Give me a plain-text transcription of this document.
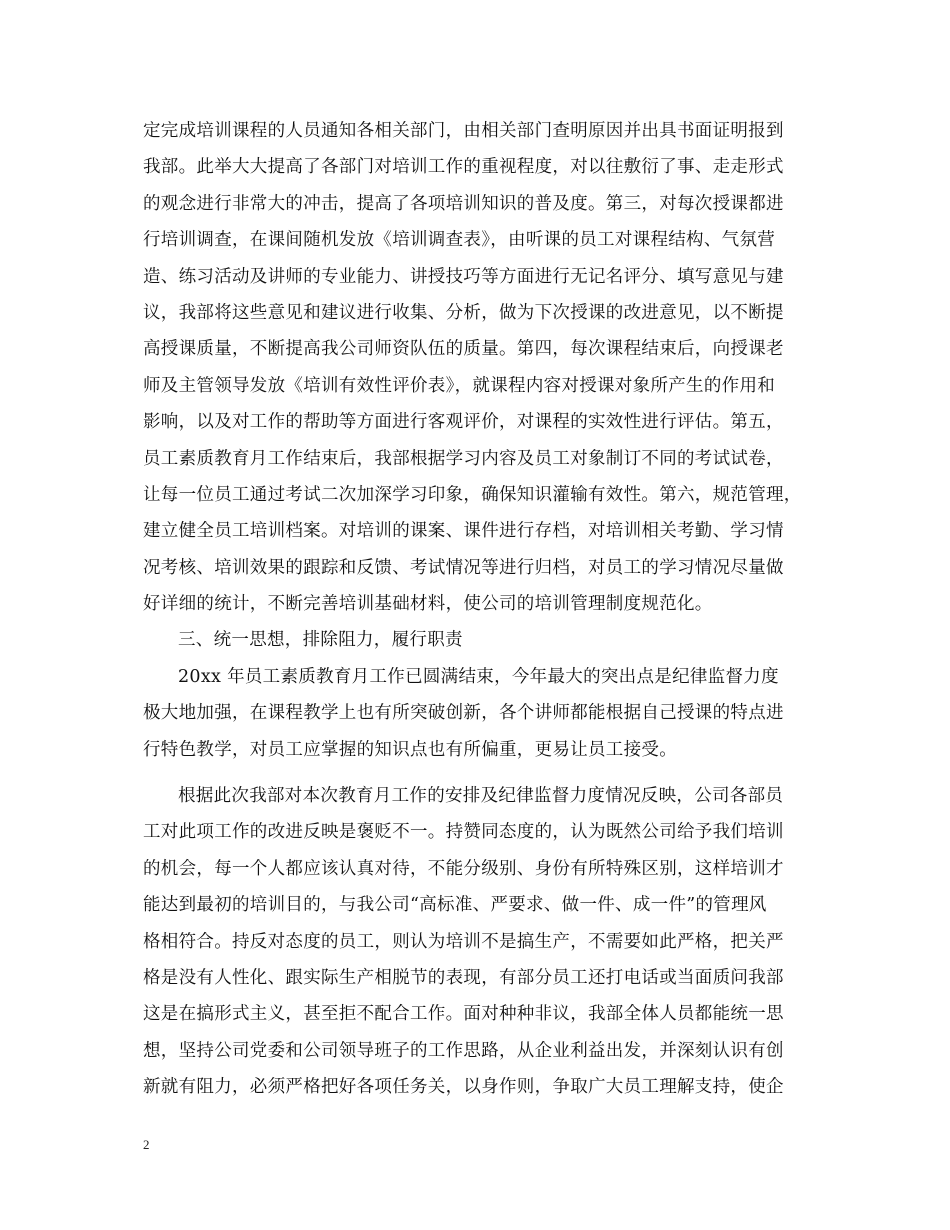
定完成培训课程的人员通知各相关部门，由相关部门查明原因并出具书面证明报到
我部。此举大大提高了各部门对培训工作的重视程度，对以往敷衍了事、走走形式
的观念进行非常大的冲击，提高了各项培训知识的普及度。第三，对每次授课都进
行培训调查，在课间随机发放《培训调查表》，由听课的员工对课程结构、气氛营
造、练习活动及讲师的专业能力、讲授技巧等方面进行无记名评分、填写意见与建
议，我部将这些意见和建议进行收集、分析，做为下次授课的改进意见，以不断提
高授课质量，不断提高我公司师资队伍的质量。第四，每次课程结束后，向授课老
师及主管领导发放《培训有效性评价表》，就课程内容对授课对象所产生的作用和
影响，以及对工作的帮助等方面进行客观评价，对课程的实效性进行评估。第五，
员工素质教育月工作结束后，我部根据学习内容及员工对象制订不同的考试试卷，
让每一位员工通过考试二次加深学习印象，确保知识灌输有效性。第六，规范管理，
建立健全员工培训档案。对培训的课案、课件进行存档，对培训相关考勤、学习情
况考核、培训效果的跟踪和反馈、考试情况等进行归档，对员工的学习情况尽量做
好详细的统计，不断完善培训基础材料，使公司的培训管理制度规范化。
三、统一思想，排除阻力，履行职责
20xx 年员工素质教育月工作已圆满结束，今年最大的突出点是纪律监督力度
极大地加强，在课程教学上也有所突破创新，各个讲师都能根据自己授课的特点进
行特色教学，对员工应掌握的知识点也有所偏重，更易让员工接受。
根据此次我部对本次教育月工作的安排及纪律监督力度情况反映，公司各部员
工对此项工作的改进反映是褒贬不一。持赞同态度的，认为既然公司给予我们培训
的机会，每一个人都应该认真对待，不能分级别、身份有所特殊区别，这样培训才
能达到最初的培训目的，与我公司“高标准、严要求、做一件、成一件”的管理风
格相符合。持反对态度的员工，则认为培训不是搞生产，不需要如此严格，把关严
格是没有人性化、跟实际生产相脱节的表现，有部分员工还打电话或当面质问我部
这是在搞形式主义，甚至拒不配合工作。面对种种非议，我部全体人员都能统一思
想，坚持公司党委和公司领导班子的工作思路，从企业利益出发，并深刻认识有创
新就有阻力，必须严格把好各项任务关，以身作则，争取广大员工理解支持，使企
2
